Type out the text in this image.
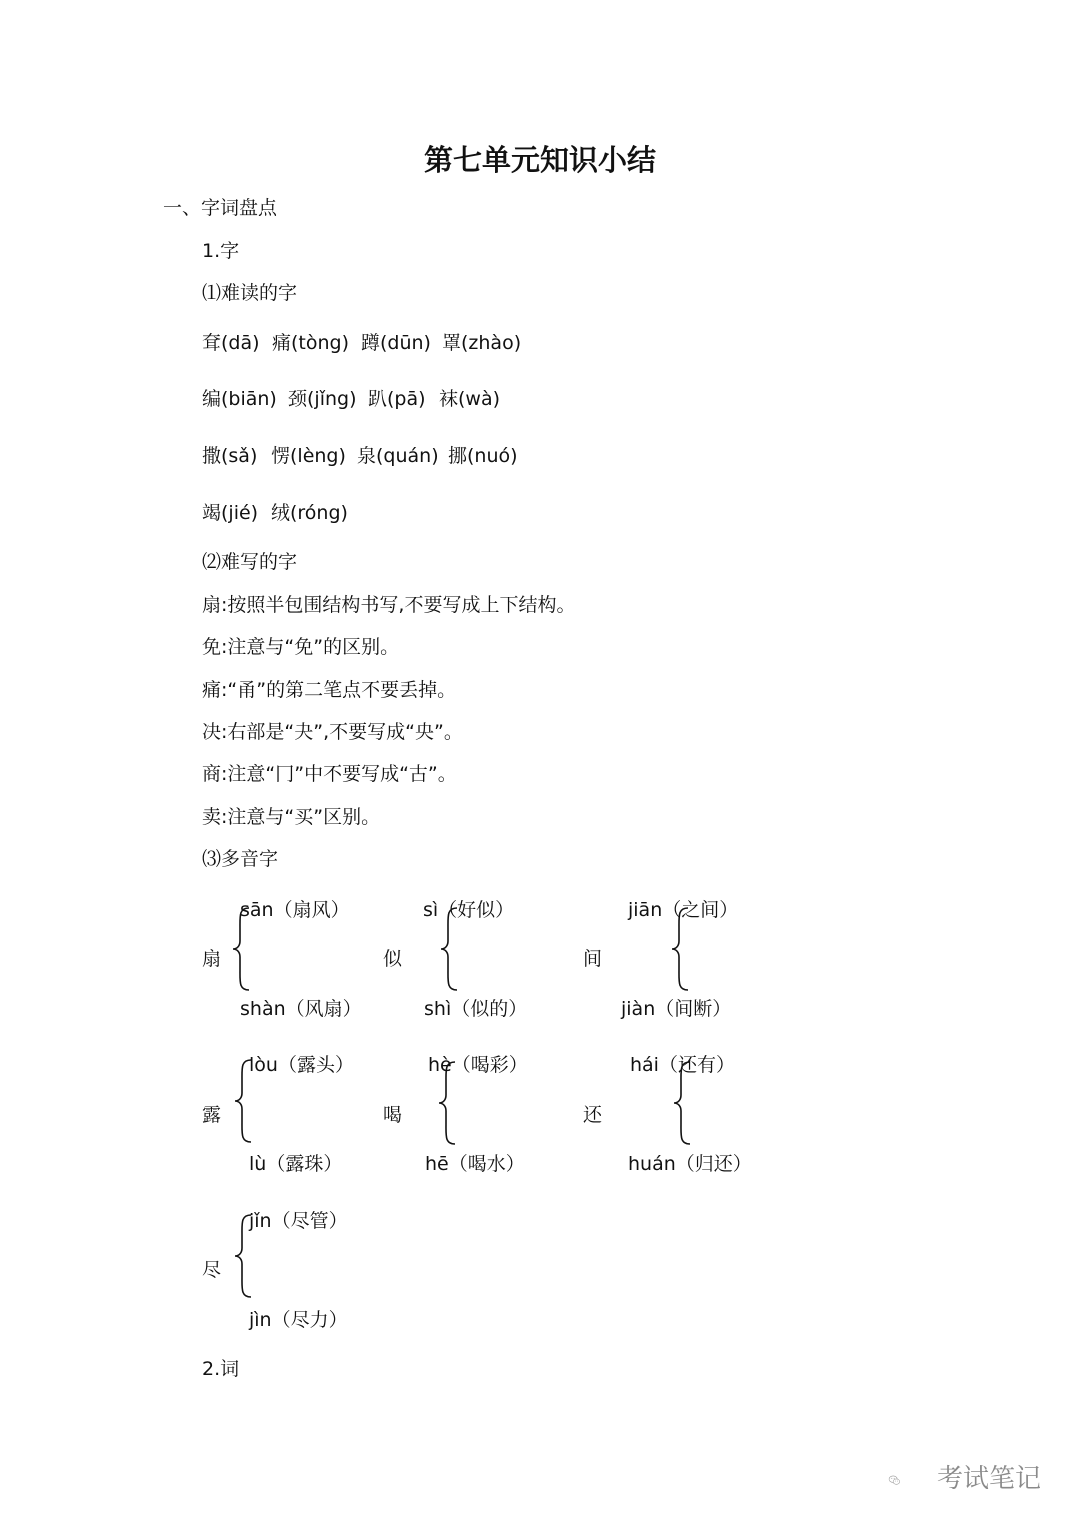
第七单元知识小结
一、字词盘点
1.字
⑴难读的字
耷(dā) 痛(tòng) 蹲(dūn) 罩(zhào)
编(biān) 颈(jǐng) 趴(pā) 袜(wà)
撒(sǎ) 愣(lèng) 泉(quán) 挪(nuó)
竭(jié) 绒(róng)
⑵难写的字
扇:按照半包围结构书写,不要写成上下结构。
免:注意与“免”的区别。
痛:“甬”的第二笔点不要丢掉。
决:右部是“夬”,不要写成“央”。
商:注意“冂”中不要写成“古”。
卖:注意与“买”区别。
⑶多音字
扇
sān（扇风）
shàn（风扇）
似
sì（好似）
shì（似的）
间
jiān（之间）
jiàn（间断）
露
lòu（露头）
lù（露珠）
喝
hè（喝彩）
hē（喝水）
还
hái（还有）
huán（归还）
尽
jǐn（尽管）
jìn（尽力）
2.词
考试笔记
